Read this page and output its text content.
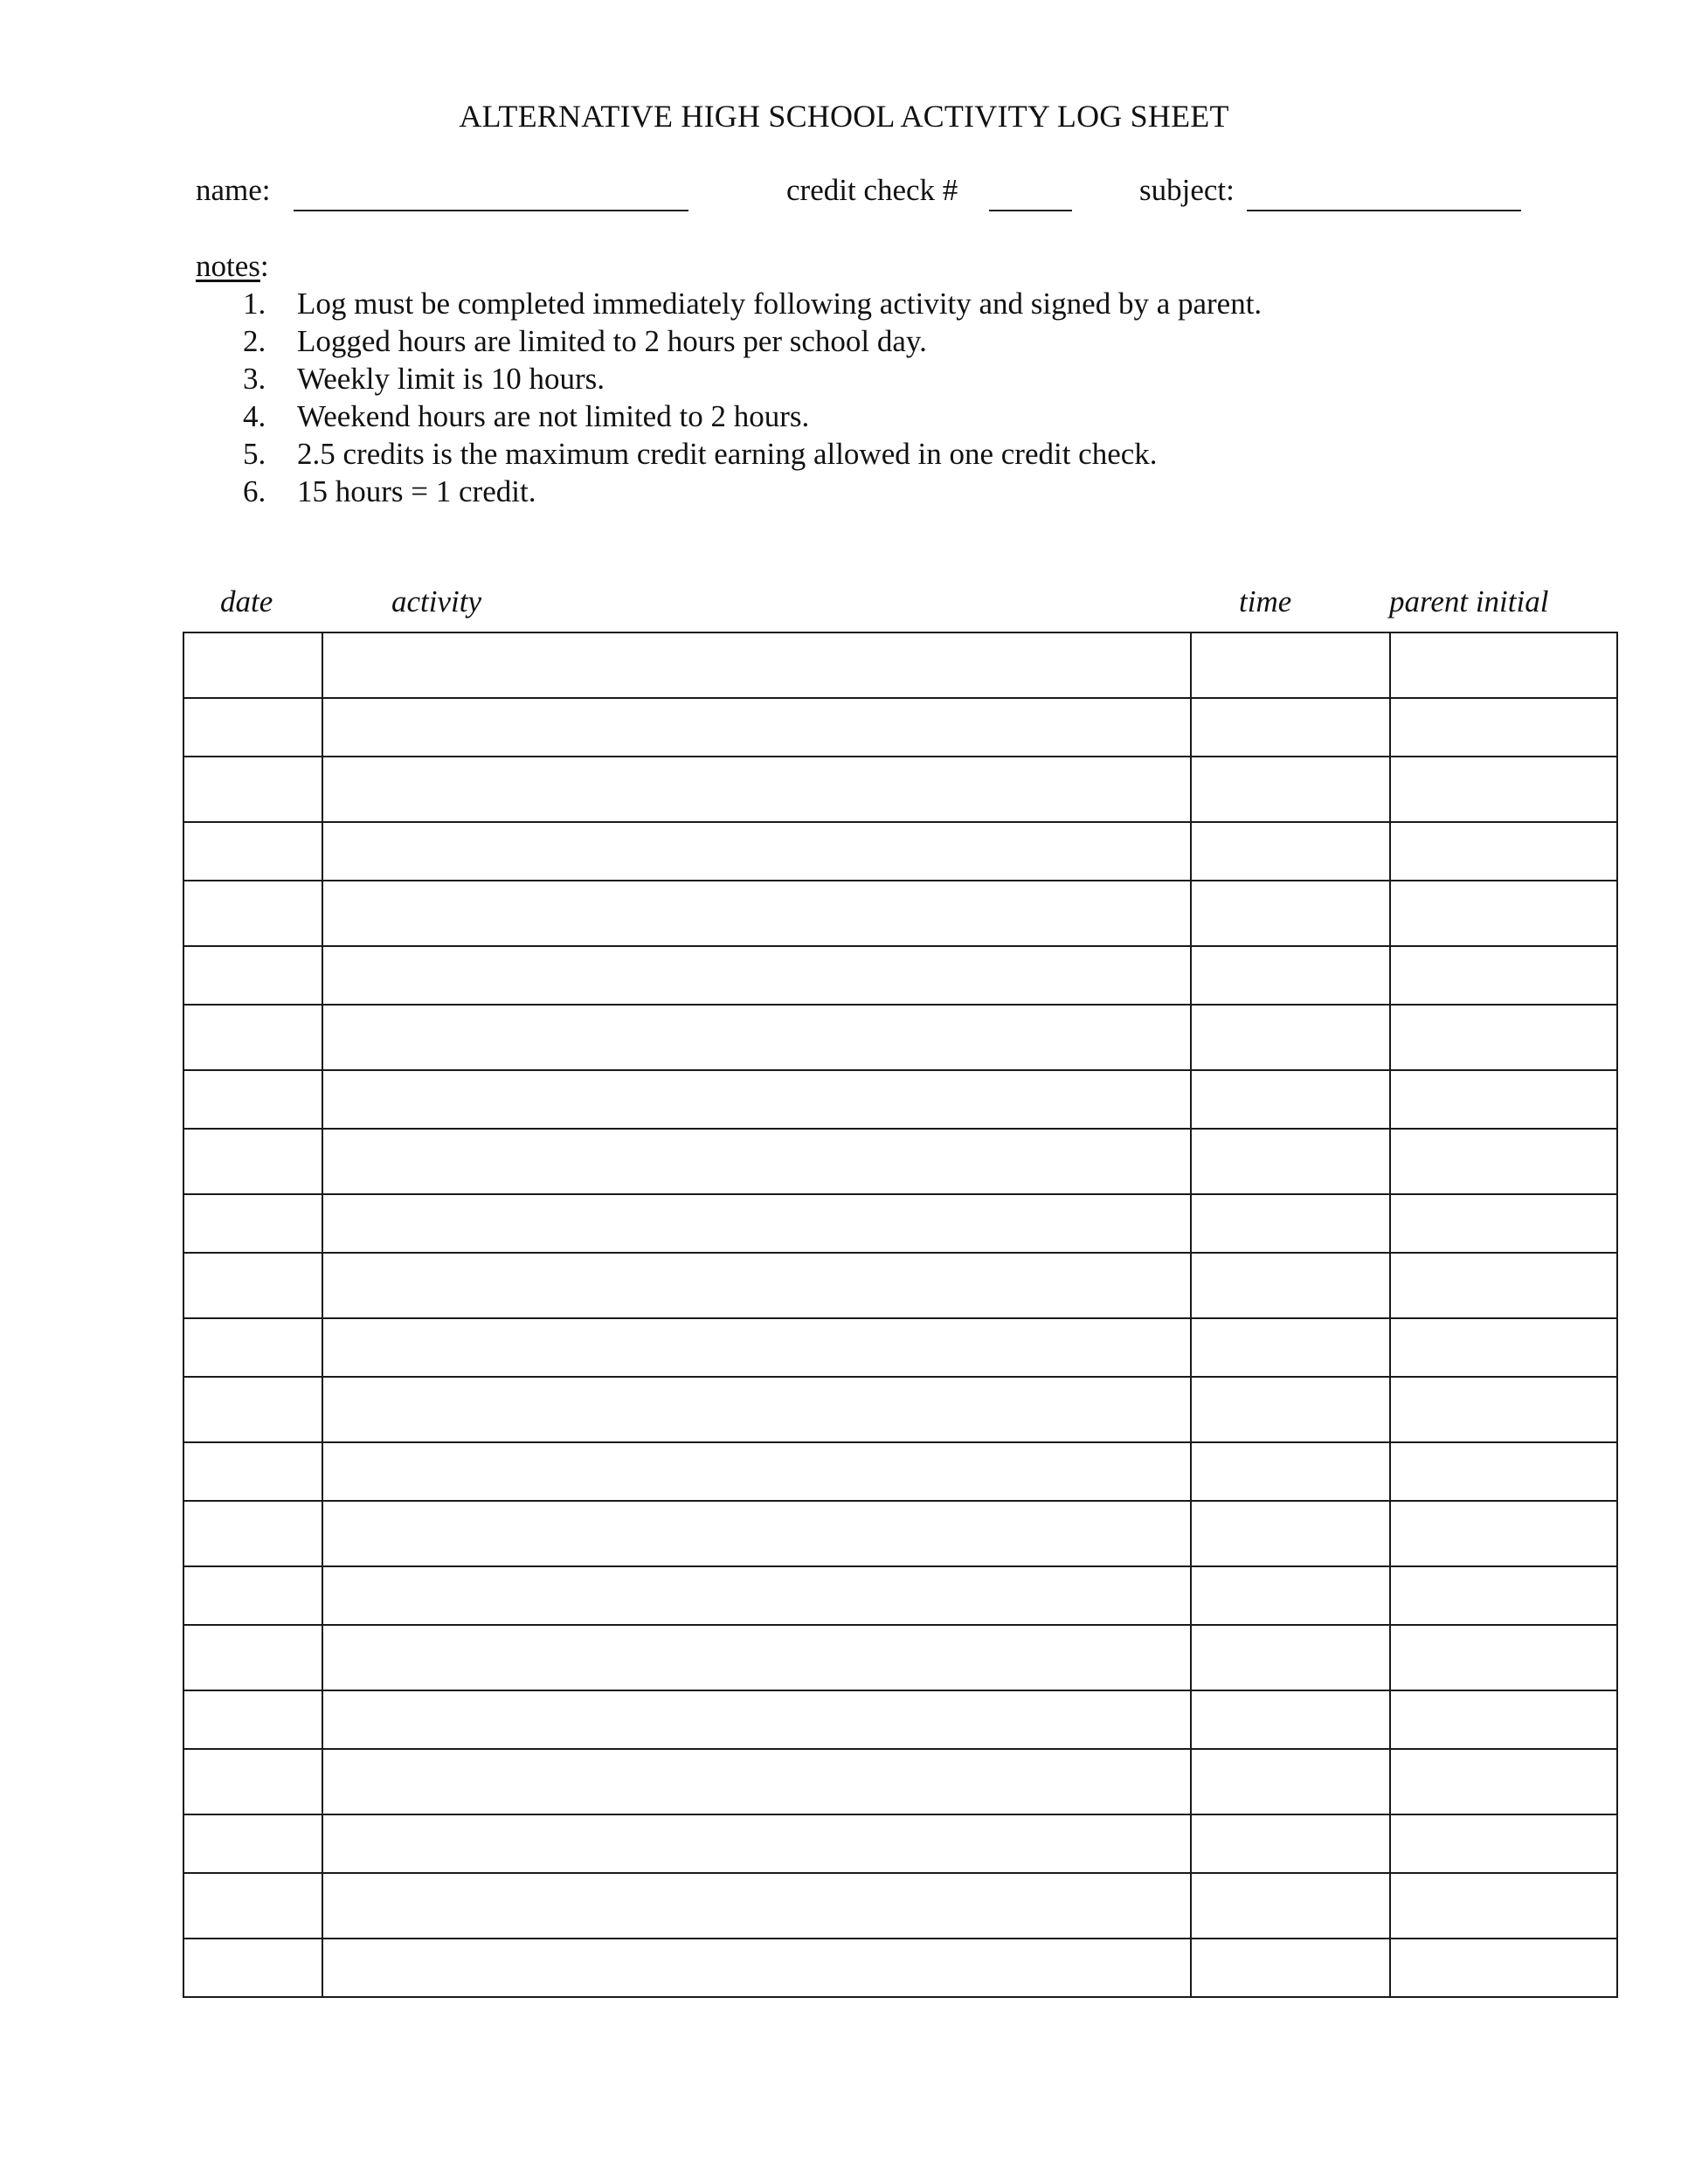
ALTERNATIVE HIGH SCHOOL ACTIVITY LOG SHEET
name:	credit check #	subject:
notes:
1. Log must be completed immediately following activity and signed by a parent.
2. Logged hours are limited to 2 hours per school day.
3. Weekly limit is 10 hours.
4. Weekend hours are not limited to 2 hours.
5. 2.5 credits is the maximum credit earning allowed in one credit check.
6. 15 hours = 1 credit.
date	activity	time	parent initial
